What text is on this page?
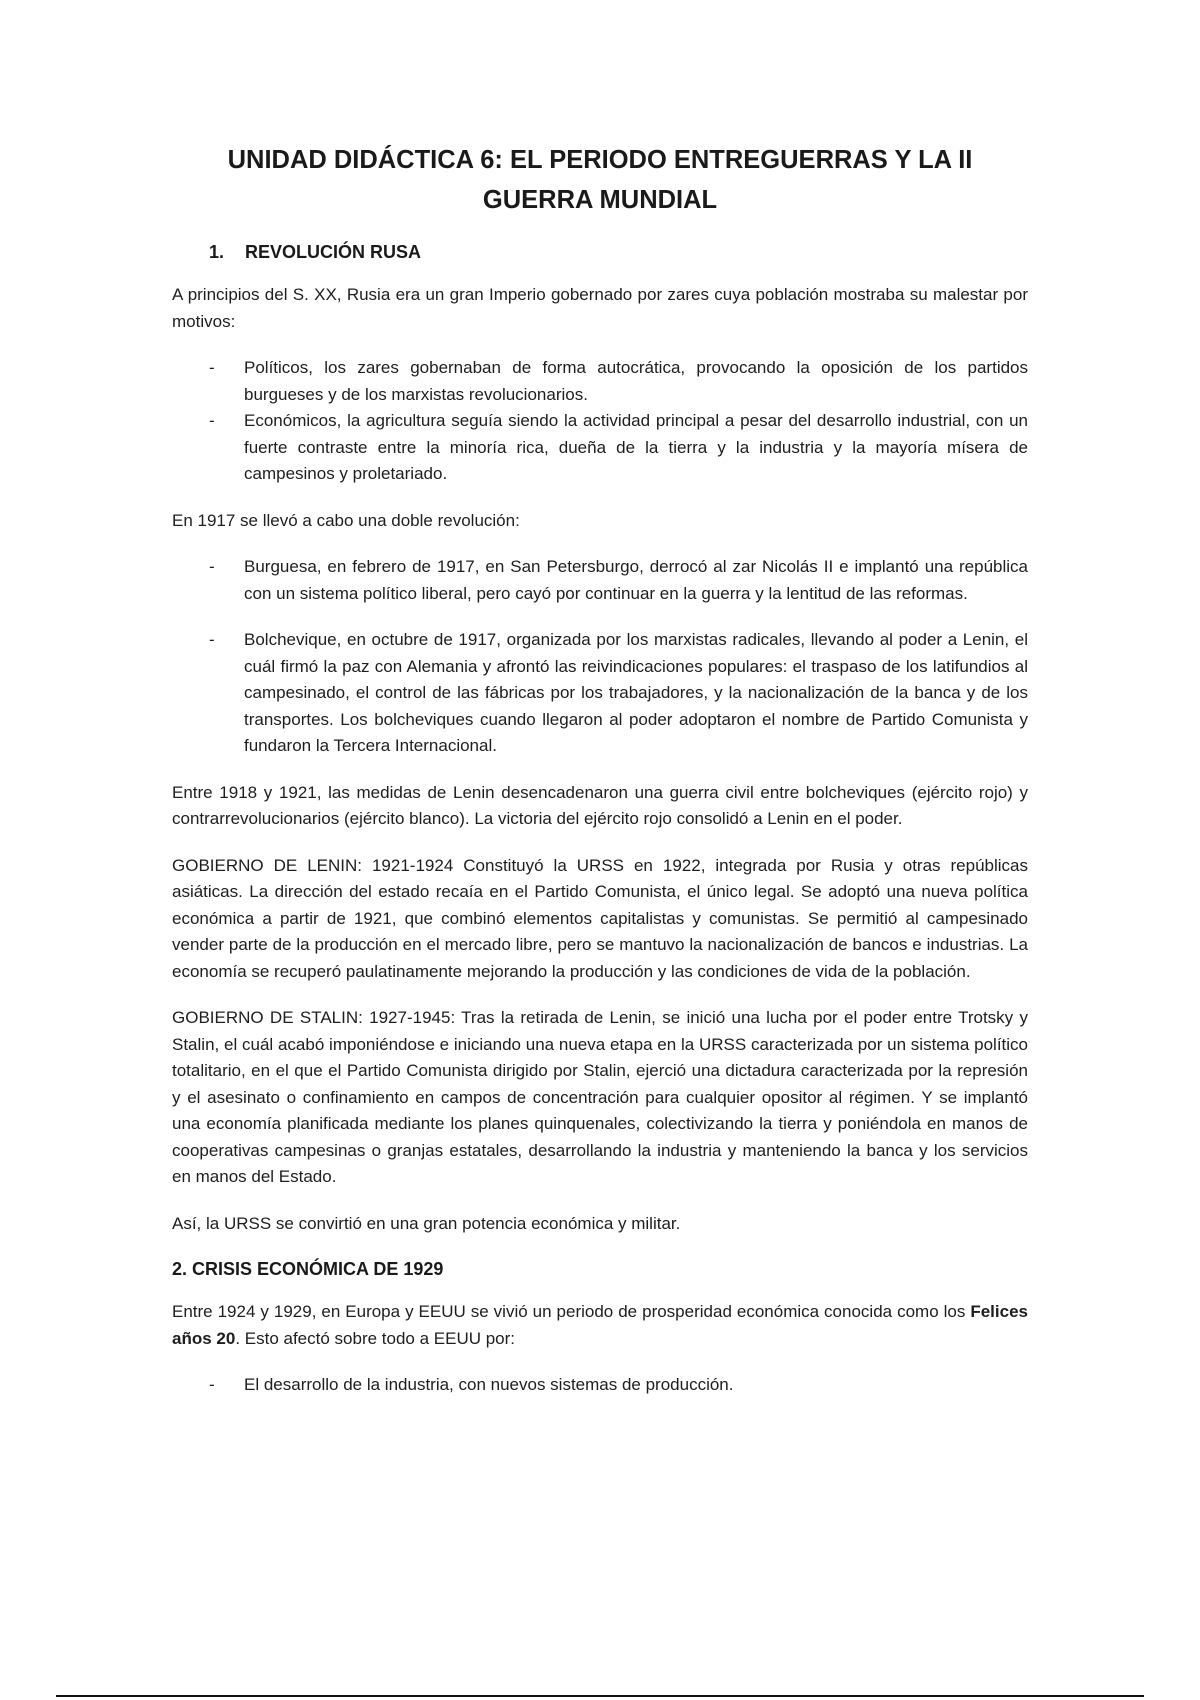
UNIDAD DIDÁCTICA 6: EL PERIODO ENTREGUERRAS Y LA II GUERRA MUNDIAL
1. REVOLUCIÓN RUSA

A principios del S. XX, Rusia era un gran Imperio gobernado por zares cuya población mostraba su malestar por motivos:

- Políticos, los zares gobernaban de forma autocrática, provocando la oposición de los partidos burgueses y de los marxistas revolucionarios.
- Económicos, la agricultura seguía siendo la actividad principal a pesar del desarrollo industrial, con un fuerte contraste entre la minoría rica, dueña de la tierra y la industria y la mayoría mísera de campesinos y proletariado.

En 1917 se llevó a cabo una doble revolución:

- Burguesa, en febrero de 1917, en San Petersburgo, derrocó al zar Nicolás II e implantó una república con un sistema político liberal, pero cayó por continuar en la guerra y la lentitud de las reformas.
- Bolchevique, en octubre de 1917, organizada por los marxistas radicales, llevando al poder a Lenin, el cuál firmó la paz con Alemania y afrontó las reivindicaciones populares: el traspaso de los latifundios al campesinado, el control de las fábricas por los trabajadores, y la nacionalización de la banca y de los transportes. Los bolcheviques cuando llegaron al poder adoptaron el nombre de Partido Comunista y fundaron la Tercera Internacional.

Entre 1918 y 1921, las medidas de Lenin desencadenaron una guerra civil entre bolcheviques (ejército rojo) y contrarrevolucionarios (ejército blanco). La victoria del ejército rojo consolidó a Lenin en el poder.

GOBIERNO DE LENIN: 1921-1924 Constituyó la URSS en 1922, integrada por Rusia y otras repúblicas asiáticas. La dirección del estado recaía en el Partido Comunista, el único legal. Se adoptó una nueva política económica a partir de 1921, que combinó elementos capitalistas y comunistas. Se permitió al campesinado vender parte de la producción en el mercado libre, pero se mantuvo la nacionalización de bancos e industrias. La economía se recuperó paulatinamente mejorando la producción y las condiciones de vida de la población.

GOBIERNO DE STALIN: 1927-1945: Tras la retirada de Lenin, se inició una lucha por el poder entre Trotsky y Stalin, el cuál acabó imponiéndose e iniciando una nueva etapa en la URSS caracterizada por un sistema político totalitario, en el que el Partido Comunista dirigido por Stalin, ejerció una dictadura caracterizada por la represión y el asesinato o confinamiento en campos de concentración para cualquier opositor al régimen. Y se implantó una economía planificada mediante los planes quinquenales, colectivizando la tierra y poniéndola en manos de cooperativas campesinas o granjas estatales, desarrollando la industria y manteniendo la banca y los servicios en manos del Estado.

Así, la URSS se convirtió en una gran potencia económica y militar.

2. CRISIS ECONÓMICA DE 1929

Entre 1924 y 1929, en Europa y EEUU se vivió un periodo de prosperidad económica conocida como los Felices años 20. Esto afectó sobre todo a EEUU por:

- El desarrollo de la industria, con nuevos sistemas de producción.
